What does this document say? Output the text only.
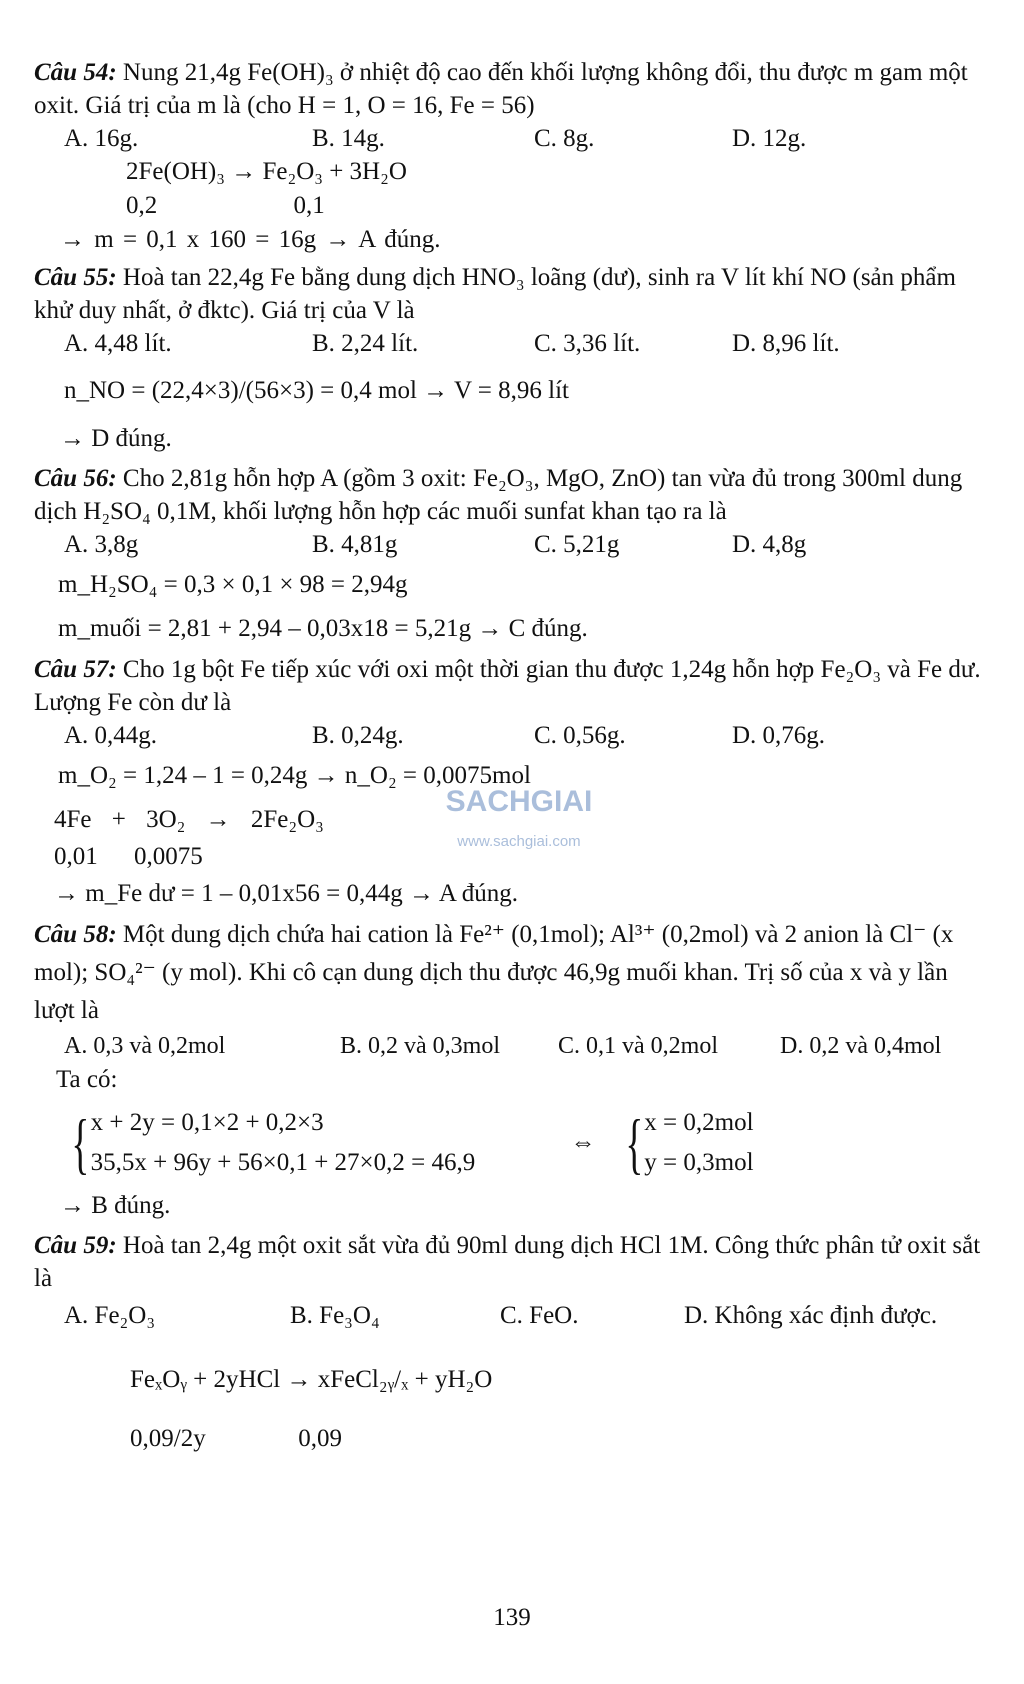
Câu 54: Nung 21,4g Fe(OH)₃ ở nhiệt độ cao đến khối lượng không đổi, thu được m gam một oxit. Giá trị của m là (cho H = 1, O = 16, Fe = 56)

A. 16g.	B. 14g.	C. 8g.	D. 12g.
2Fe(OH)₃ → Fe₂O₃ + 3H₂O
0,2 0,1
→ m = 0,1 x 160 = 16g → A đúng.

Câu 55: Hoà tan 22,4g Fe bằng dung dịch HNO₃ loãng (dư), sinh ra V lít khí NO (sản phẩm khử duy nhất, ở đktc). Giá trị của V là

A. 4,48 lít.	B. 2,24 lít.	C. 3,36 lít.	D. 8,96 lít.
n_NO = (22,4×3)/(56×3) = 0,4 mol → V = 8,96 lít
→ D đúng.

Câu 56: Cho 2,81g hỗn hợp A (gồm 3 oxit: Fe₂O₃, MgO, ZnO) tan vừa đủ trong 300ml dung dịch H₂SO₄ 0,1M, khối lượng hỗn hợp các muối sunfat khan tạo ra là

A. 3,8g	B. 4,81g	C. 5,21g	D. 4,8g
m_H₂SO₄ = 0,3 × 0,1 × 98 = 2,94g
m_muối = 2,81 + 2,94 – 0,03x18 = 5,21g → C đúng.

Câu 57: Cho 1g bột Fe tiếp xúc với oxi một thời gian thu được 1,24g hỗn hợp Fe₂O₃ và Fe dư. Lượng Fe còn dư là

A. 0,44g.	B. 0,24g.	C. 0,56g.	D. 0,76g.
m_O₂ = 1,24 – 1 = 0,24g → n_O₂ = 0,0075mol
4Fe + 3O₂ → 2Fe₂O₃
0,01 0,0075
→ m_Fe dư = 1 – 0,01x56 = 0,44g → A đúng.

Câu 58: Một dung dịch chứa hai cation là Fe²⁺ (0,1mol); Al³⁺ (0,2mol) và 2 anion là Cl⁻ (x mol); SO₄²⁻ (y mol). Khi cô cạn dung dịch thu được 46,9g muối khan. Trị số của x và y lần lượt là

A. 0,3 và 0,2mol	B. 0,2 và 0,3mol	C. 0,1 và 0,2mol	D. 0,2 và 0,4mol
Ta có:
{ x + 2y = 0,1×2 + 0,2×3
35,5x + 96y + 56×0,1 + 27×0,2 = 46,9
⇔ { x = 0,2mol
y = 0,3mol
→ B đúng.

Câu 59: Hoà tan 2,4g một oxit sắt vừa đủ 90ml dung dịch HCl 1M. Công thức phân tử oxit sắt là

A. Fe₂O₃	B. Fe₃O₄	C. FeO.	D. Không xác định được.
FeₓOᵧ + 2yHCl → xFeCl₂ᵧ/ₓ + yH₂O
0,09/2y	0,09
SACHGIAI
www.sachgiai.com
139
